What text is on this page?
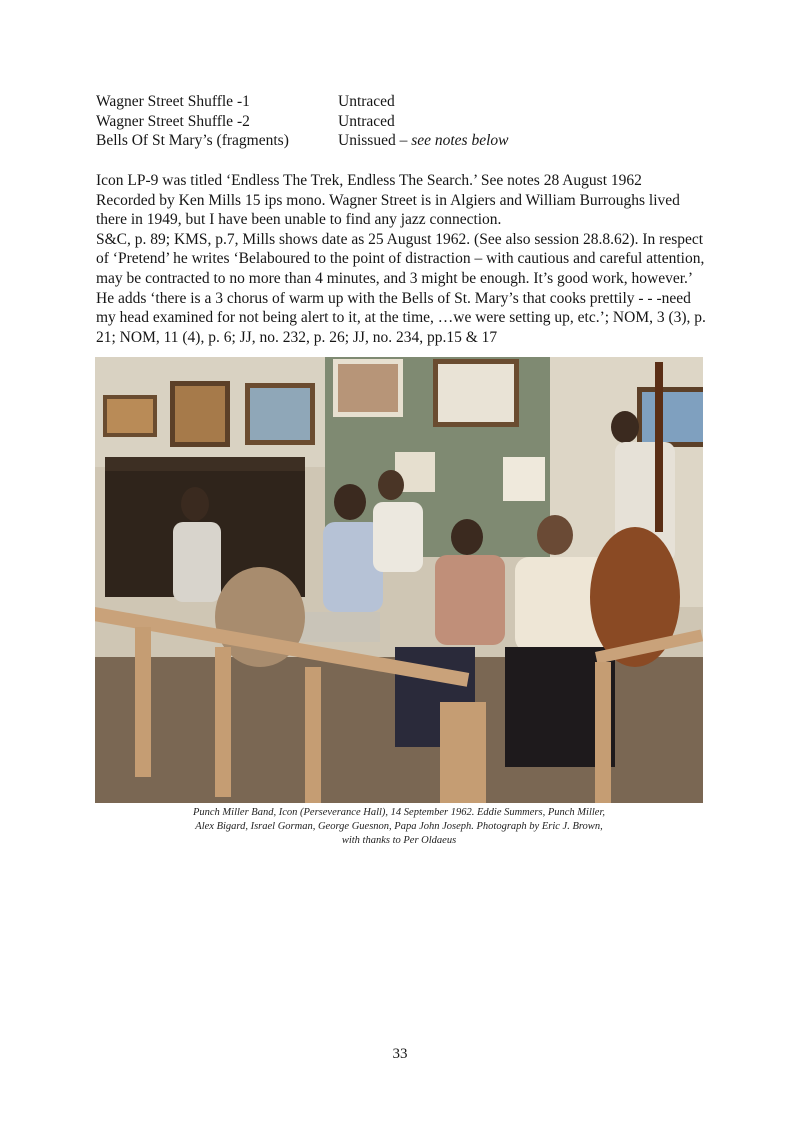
Wagner Street Shuffle -1	Untraced
Wagner Street Shuffle -2	Untraced
Bells Of St Mary’s (fragments)	Unissued – see notes below

Icon LP-9 was titled ‘Endless The Trek, Endless The Search.’ See notes 28 August 1962

Recorded by Ken Mills 15 ips mono. Wagner Street is in Algiers and William Burroughs lived there in 1949, but I have been unable to find any jazz connection.

S&C, p. 89; KMS, p.7, Mills shows date as 25 August 1962. (See also session 28.8.62). In respect of ‘Pretend’ he writes ‘Belaboured to the point of distraction – with cautious and careful attention, may be contracted to no more than 4 minutes, and 3 might be enough. It’s good work, however.’ He adds ‘there is a 3 chorus of warm up with the Bells of St. Mary’s that cooks prettily - - -need my head examined for not being alert to it, at the time, …we were setting up, etc.’; NOM, 3 (3), p. 21; NOM, 11 (4), p. 6; JJ, no. 232, p. 26; JJ, no. 234, pp.15 & 17

Punch Miller Band, Icon (Perseverance Hall), 14 September 1962. Eddie Summers, Punch Miller,
Alex Bigard, Israel Gorman, George Guesnon, Papa John Joseph. Photograph by Eric J. Brown,
with thanks to Per Oldaeus
33
